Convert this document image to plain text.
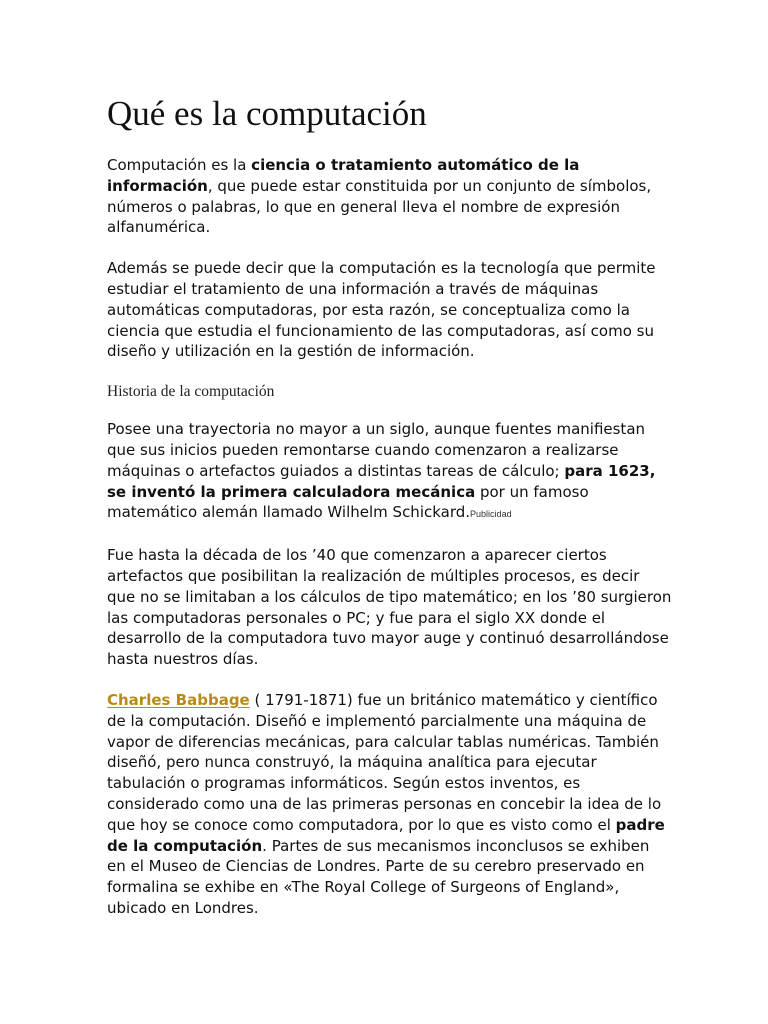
Qué es la computación

Computación es la ciencia o tratamiento automático de la información, que puede estar constituida por un conjunto de símbolos, números o palabras, lo que en general lleva el nombre de expresión alfanumérica.

Además se puede decir que la computación es la tecnología que permite estudiar el tratamiento de una información a través de máquinas automáticas computadoras, por esta razón, se conceptualiza como la ciencia que estudia el funcionamiento de las computadoras, así como su diseño y utilización en la gestión de información.

Historia de la computación

Posee una trayectoria no mayor a un siglo, aunque fuentes manifiestan que sus inicios pueden remontarse cuando comenzaron a realizarse máquinas o artefactos guiados a distintas tareas de cálculo; para 1623, se inventó la primera calculadora mecánica por un famoso matemático alemán llamado Wilhelm Schickard.Publicidad

Fue hasta la década de los ’40 que comenzaron a aparecer ciertos artefactos que posibilitan la realización de múltiples procesos, es decir que no se limitaban a los cálculos de tipo matemático; en los ’80 surgieron las computadoras personales o PC; y fue para el siglo XX donde el desarrollo de la computadora tuvo mayor auge y continuó desarrollándose hasta nuestros días.

Charles Babbage ( 1791-1871) fue un británico matemático y científico de la computación. Diseñó e implementó parcialmente una máquina de vapor de diferencias mecánicas, para calcular tablas numéricas. También diseñó, pero nunca construyó, la máquina analítica para ejecutar tabulación o programas informáticos. Según estos inventos, es considerado como una de las primeras personas en concebir la idea de lo que hoy se conoce como computadora, por lo que es visto como el padre de la computación. Partes de sus mecanismos inconclusos se exhiben en el Museo de Ciencias de Londres. Parte de su cerebro preservado en formalina se exhibe en «The Royal College of Surgeons of England», ubicado en Londres.
